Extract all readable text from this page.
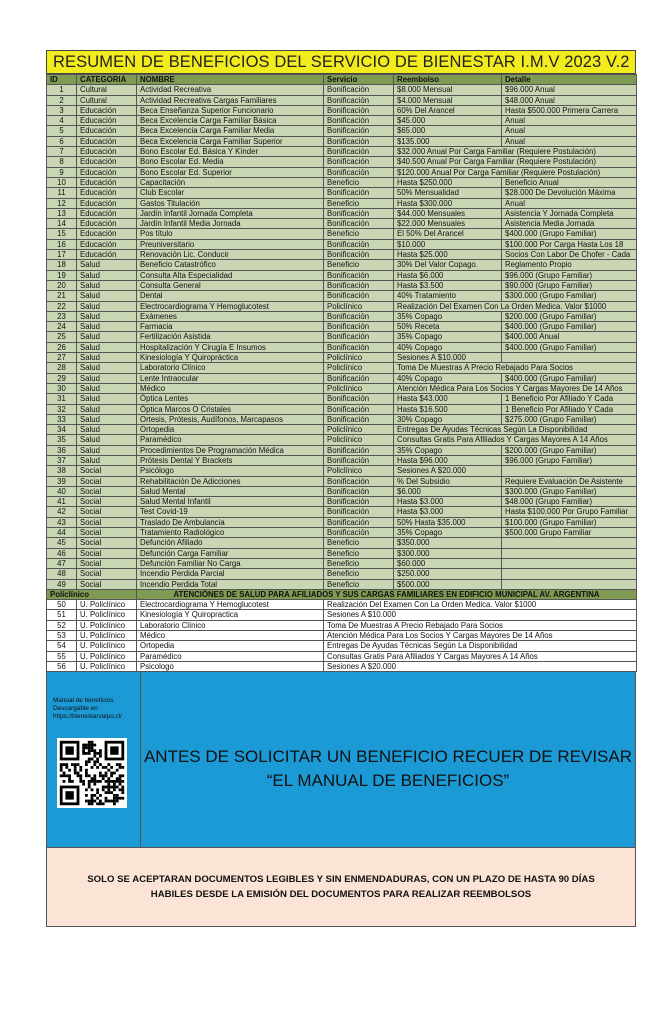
RESUMEN DE BENEFICIOS DEL SERVICIO DE BIENESTAR I.M.V 2023 V.2
ID	CATEGORIA	NOMBRE	Servicio	Reembolso	Detalle
1	Cultural	Actividad Recreativa	Bonificación	$8.000 Mensual	$96.000 Anual
2	Cultural	Actividad Recreativa Cargas Familiares	Bonificación	$4.000 Mensual	$48.000 Anual
3	Educación	Beca Enseñanza Superior Funcionario	Bonificación	60% Del Arancel	Hasta $500.000 Primera Carrera
4	Educación	Beca Excelencia Carga Familiar Básica	Bonificación	$45.000	Anual
5	Educación	Beca Excelencia Carga Familiar Media	Bonificación	$65.000	Anual
6	Educación	Beca Excelencia Carga Familiar Superior	Bonificación	$135.000	Anual
7	Educación	Bono Escolar Ed. Básica Y Kínder	Bonificación	$32.000 Anual Por Carga Familiar (Requiere Postulación)	
8	Educación	Bono Escolar Ed. Media	Bonificación	$40.500 Anual Por Carga Familiar (Requiere Postulación)	
9	Educación	Bono Escolar Ed. Superior	Bonificación	$120.000 Anual Por Carga Familiar (Requiere Postulación)	
10	Educación	Capacitación	Beneficio	Hasta $250.000	Beneficio Anual
11	Educación	Club Escolar	Bonificación	50% Mensualidad	$28.000 De Devolución Máxima
12	Educación	Gastos Titulación	Beneficio	Hasta $300.000	Anual
13	Educación	Jardín Infantil Jornada Completa	Bonificación	$44.000 Mensuales	Asistencia Y Jornada Completa
14	Educación	Jardín Infantil Media Jornada	Bonificación	$22.000 Mensuales	Asistencia Media Jornada
15	Educación	Pos título	Beneficio	El 50% Del Arancel	$400.000 (Grupo Familiar)
16	Educación	Preuniversitario	Bonificación	$10.000	$100.000 Por Carga Hasta Los 18
17	Educación	Renovación Lic. Conducir	Bonificación	Hasta $25.000	Socios Con Labor De Chofer - Cada
18	Salud	Beneficio Catastrófico	Beneficio	30% Del Valor Copago.	Reglamento Propio
19	Salud	Consulta Alta Especialidad	Bonificación	Hasta $6.000	$96.000 (Grupo Familiar)
20	Salud	Consulta General	Bonificación	Hasta $3.500	$90.000 (Grupo Familiar)
21	Salud	Dental	Bonificación	40% Tratamiento	$300.000 (Grupo Familiar)
22	Salud	Electrocardiograma Y Hemoglucotest	Policlínico	Realización Del Examen Con La Orden Medica. Valor $1000	
23	Salud	Exámenes	Bonificación	35% Copago	$200.000 (Grupo Familiar)
24	Salud	Farmacia	Bonificación	50% Receta	$400.000 (Grupo Familiar)
25	Salud	Fertilización Asistida	Bonificación	35% Copago	$400.000 Anual
26	Salud	Hospitalización Y Cirugía E Insumos	Bonificación	40% Copago	$400.000 (Grupo Familiar)
27	Salud	Kinesiología Y Quiropráctica	Policlínico	Sesiones A $10.000	
28	Salud	Laboratorio Clínico	Policlínico	Toma De Muestras A Precio Rebajado Para Socios	
29	Salud	Lente Intraocular	Bonificación	40% Copago	$400.000 (Grupo Familiar)
30	Salud	Médico	Policlínico	Atención Médica Para Los Socios Y Cargas Mayores De 14 Años	
31	Salud	Óptica Lentes	Bonificación	Hasta $43.000	1 Beneficio Por Afiliado Y Cada
32	Salud	Óptica Marcos O Cristales	Bonificación	Hasta $16.500	1 Beneficio Por Afiliado Y Cada
33	Salud	Ortesis, Prótesis, Audífonos, Marcapasos	Bonificación	30% Copago	$275.000 (Grupo Familiar)
34	Salud	Ortopedia	Policlínico	Entregas De Ayudas Técnicas Según La Disponibilidad	
35	Salud	Paramédico	Policlínico	Consultas Gratis Para Afiliados Y Cargas Mayores A 14 Años	
36	Salud	Procedimientos De Programación Médica	Bonificación	35% Copago	$200.000 (Grupo Familiar)
37	Salud	Prótesis Dental Y Brackets	Bonificación	Hasta $96.000	$96.000 (Grupo Familiar)
38	Social	Psicólogo	Policlínico	Sesiones A $20.000	
39	Social	Rehabilitación De Adicciones	Bonificación	% Del Subsidio	Requiere Evaluación De Asistente
40	Social	Salud Mental	Bonificación	$6.000	$300.000 (Grupo Familiar)
41	Social	Salud Mental Infantil	Bonificación	Hasta $3.000	$48.000 (Grupo Familiar)
42	Social	Test Covid-19	Bonificación	Hasta $3.000	Hasta $100.000 Por Grupo Familiar
43	Social	Traslado De Ambulancia	Bonificación	50% Hasta $35.000	$100.000 (Grupo Familiar)
44	Social	Tratamiento Radiológico	Bonificación	35% Copago	$500.000 Grupo Familiar
45	Social	Defunción Afiliado	Beneficio	$350.000	
46	Social	Defunción Carga Familiar	Beneficio	$300.000	
47	Social	Defunción Familiar No Carga	Beneficio	$60.000	
48	Social	Incendio Perdida Parcial	Beneficio	$250.000	
49	Social	Incendio Perdida Total	Beneficio	$500.000	
Policlínico		ATENCIÓNES DE SALUD PARA AFILIADOS Y SUS CARGAS FAMILIARES EN EDIFICIO MUNICIPAL AV. ARGENTINA			
50	U. Policlínico	Electrocardiograma Y Hemoglucotest	Realización Del Examen Con La Orden Medica. Valor $1000		
51	U. Policlínico	Kinesiología Y Quiropractica	Sesiones A $10.000		
52	U. Policlínico	Laboratorio Clínico	Toma De Muestras A Precio Rebajado Para Socios		
53	U. Policlínico	Médico	Atención Médica Para Los Socios Y Cargas Mayores De 14 Años		
54	U. Policlínico	Ortopedia	Entregas De Ayudas Técnicas Según La Disponibilidad		
55	U. Policlínico	Paramédico	Consultas Gratis Para Afiliados Y Cargas Mayores A 14 Años		
56	U. Policlínico	Psicologo	Sesiones A $20.000		
Manual de beneficios
Descargable en
https://bienestarvalpo.cl/
ANTES DE SOLICITAR UN BENEFICIO RECUER DE REVISAR
“EL MANUAL DE BENEFICIOS”
SOLO SE ACEPTARAN DOCUMENTOS LEGIBLES Y SIN ENMENDADURAS, CON UN PLAZO DE HASTA 90 DÍAS HABILES DESDE LA EMISIÓN DEL DOCUMENTOS PARA REALIZAR REEMBOLSOS
